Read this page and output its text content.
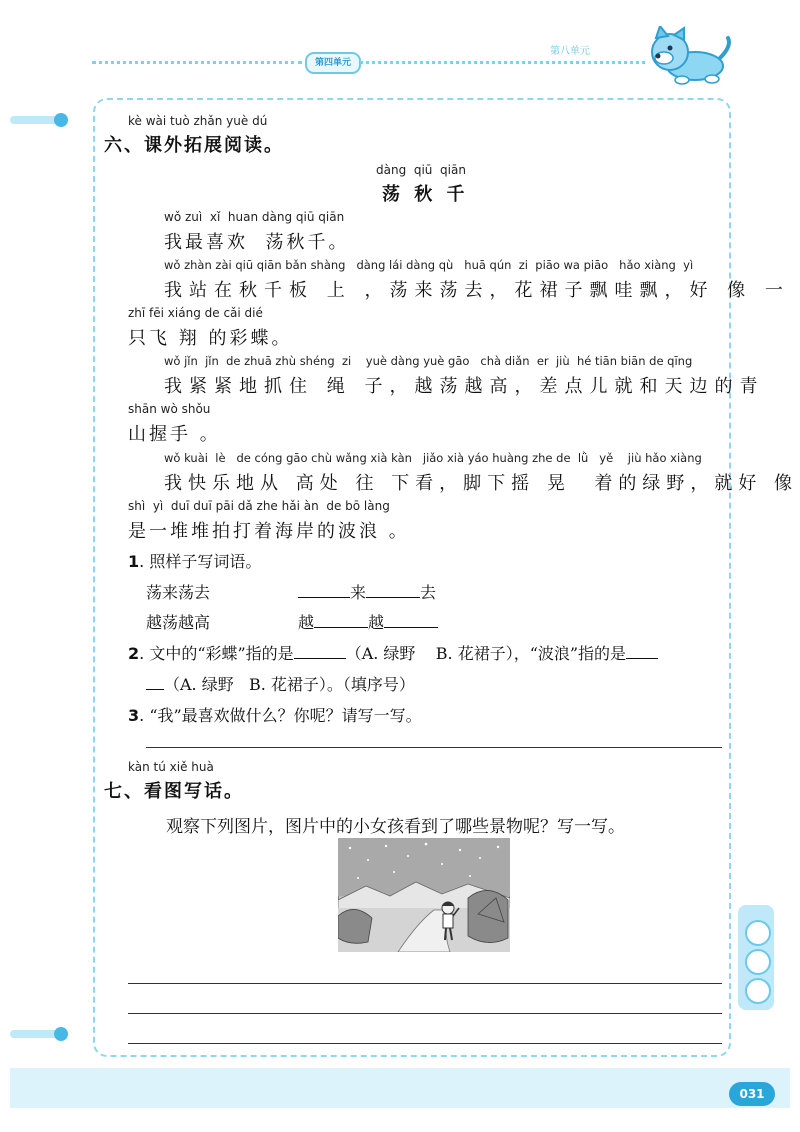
第四单元
第八单元
kè wài tuò zhǎn yuè dú
六、课外拓展阅读。
dàng  qiū  qiān
荡 秋 千
wǒ zuì  xǐ  huan dàng qiū qiān
我最喜欢  荡秋千。
wǒ zhàn zài qiū qiān bǎn shàng   dàng lái dàng qù   huā qún  zi  piāo wa piāo   hǎo xiàng  yì
我站在秋千板 上 ，荡来荡去，花裙子飘哇飘，好 像 一
zhī fēi xiáng de cǎi dié
只飞 翔 的彩蝶。
wǒ jǐn  jǐn  de zhuā zhù shéng  zi    yuè dàng yuè gāo   chà diǎn  er  jiù  hé tiān biān de qīng
我紧紧地抓住 绳 子，越荡越高，差点儿就和天边的青
shān wò shǒu
山握手 。
wǒ kuài  lè   de cóng gāo chù wǎng xià kàn   jiǎo xià yáo huàng zhe de  lǜ   yě    jiù hǎo xiàng
我快乐地从 高处 往 下看，脚下摇 晃  着的绿野，就好 像
shì  yì  duī duī pāi dǎ zhe hǎi àn  de bō làng
是一堆堆拍打着海岸的波浪 。
1. 照样子写词语。
荡来荡去	来	去
越荡越高	越	越
2. 文中的“彩蝶”指的是	（A. 绿野    B. 花裙子），“波浪”指的是
（A. 绿野   B. 花裙子）。（填序号）
3. “我”最喜欢做什么？你呢？请写一写。
kàn tú xiě huà
七、看图写话。
观察下列图片，图片中的小女孩看到了哪些景物呢？写一写。
031
